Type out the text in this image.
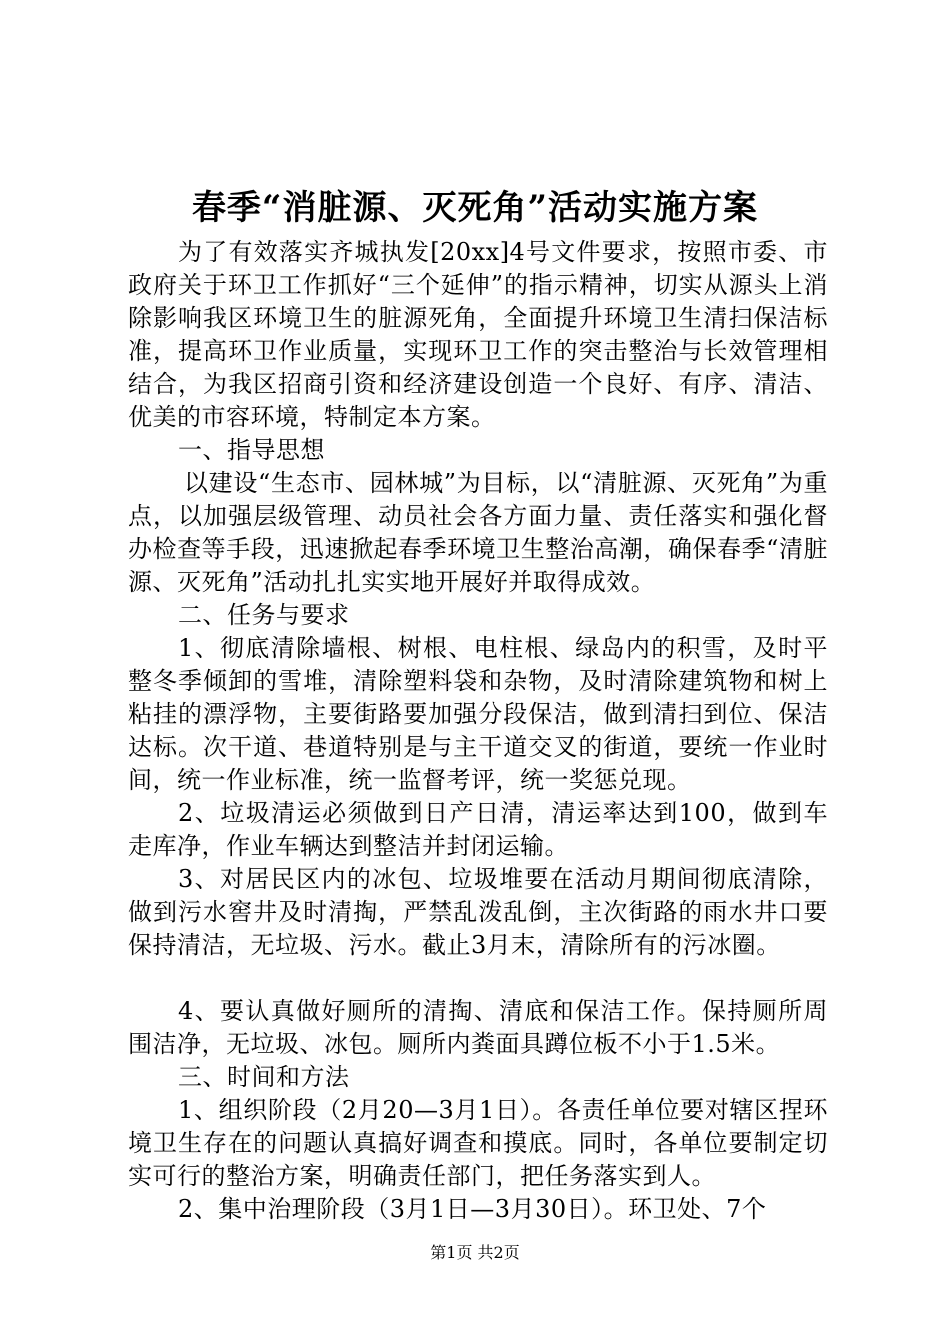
春季“消脏源、灭死角”活动实施方案

为了有效落实齐城执发[20xx]4号文件要求，按照市委、市政府关于环卫工作抓好“三个延伸”的指示精神，切实从源头上消除影响我区环境卫生的脏源死角，全面提升环境卫生清扫保洁标准，提高环卫作业质量，实现环卫工作的突击整治与长效管理相结合，为我区招商引资和经济建设创造一个良好、有序、清洁、优美的市容环境，特制定本方案。

一、指导思想

以建设“生态市、园林城”为目标，以“清脏源、灭死角”为重点，以加强层级管理、动员社会各方面力量、责任落实和强化督办检查等手段，迅速掀起春季环境卫生整治高潮，确保春季“清脏源、灭死角”活动扎扎实实地开展好并取得成效。

二、任务与要求

1、彻底清除墙根、树根、电柱根、绿岛内的积雪，及时平整冬季倾卸的雪堆，清除塑料袋和杂物，及时清除建筑物和树上粘挂的漂浮物，主要街路要加强分段保洁，做到清扫到位、保洁达标。次干道、巷道特别是与主干道交叉的街道，要统一作业时间，统一作业标准，统一监督考评，统一奖惩兑现。

2、垃圾清运必须做到日产日清，清运率达到100，做到车走库净，作业车辆达到整洁并封闭运输。

3、对居民区内的冰包、垃圾堆要在活动月期间彻底清除，做到污水窖井及时清掏，严禁乱泼乱倒，主次街路的雨水井口要保持清洁，无垃圾、污水。截止3月末，清除所有的污冰圈。

4、要认真做好厕所的清掏、清底和保洁工作。保持厕所周围洁净，无垃圾、冰包。厕所内粪面具蹲位板不小于1.5米。

三、时间和方法

1、组织阶段（2月20—3月1日）。各责任单位要对辖区捏环境卫生存在的问题认真搞好调查和摸底。同时，各单位要制定切实可行的整治方案，明确责任部门，把任务落实到人。

2、集中治理阶段（3月1日—3月30日）。环卫处、7个

第1页 共2页
